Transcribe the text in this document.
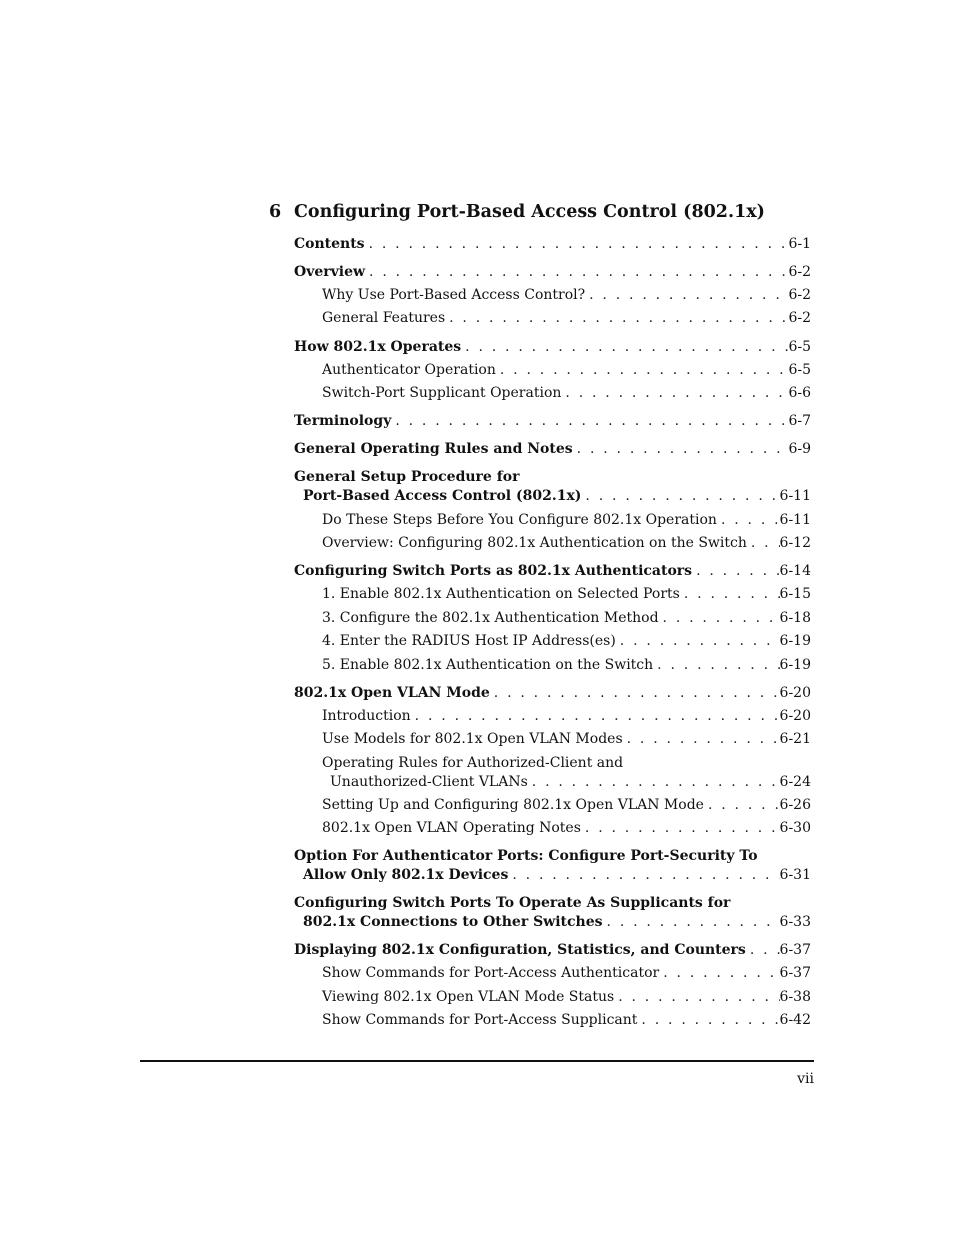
6 Configuring Port-Based Access Control (802.1x)
Contents . . .	6-1
Overview . . .	6-2
Why Use Port-Based Access Control? . . .	6-2
General Features . . .	6-2
How 802.1x Operates . . .	6-5
Authenticator Operation . . .	6-5
Switch-Port Supplicant Operation . . .	6-6
Terminology . . .	6-7
General Operating Rules and Notes . . .	6-9
General Setup Procedure for
Port-Based Access Control (802.1x) . . .	6-11
Do These Steps Before You Configure 802.1x Operation . . .	6-11
Overview: Configuring 802.1x Authentication on the Switch . . . 6-12
Configuring Switch Ports as 802.1x Authenticators . . .	6-14
1. Enable 802.1x Authentication on Selected Ports . . .	6-15
3. Configure the 802.1x Authentication Method . . .	6-18
4. Enter the RADIUS Host IP Address(es) . . .	6-19
5. Enable 802.1x Authentication on the Switch . . .	6-19
802.1x Open VLAN Mode . . .	6-20
Introduction . . .	6-20
Use Models for 802.1x Open VLAN Modes . . .	6-21
Operating Rules for Authorized-Client and
Unauthorized-Client VLANs . . .	6-24
Setting Up and Configuring 802.1x Open VLAN Mode . . .	6-26
802.1x Open VLAN Operating Notes . . .	6-30
Option For Authenticator Ports: Configure Port-Security To
Allow Only 802.1x Devices . . .	6-31
Configuring Switch Ports To Operate As Supplicants for
802.1x Connections to Other Switches . . .	6-33
Displaying 802.1x Configuration, Statistics, and Counters . . . 6-37
Show Commands for Port-Access Authenticator . . .	6-37
Viewing 802.1x Open VLAN Mode Status . . .	6-38
Show Commands for Port-Access Supplicant . . .	6-42
vii
